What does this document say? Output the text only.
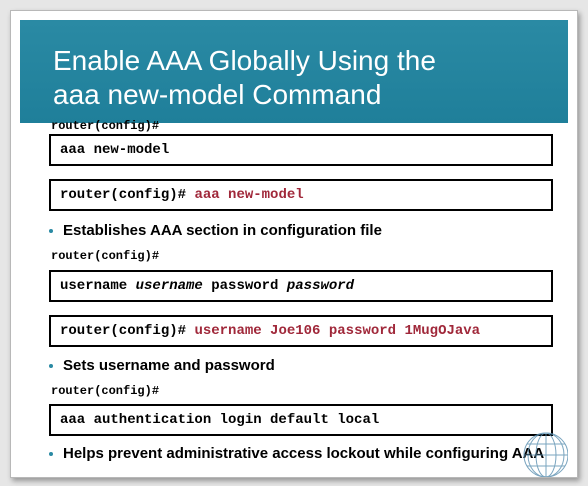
Enable AAA Globally Using the
aaa new-model Command
router(config)#
aaa new-model
router(config)#
aaa new-model
Establishes AAA section in configuration file
router(config)#
username username password password
router(config)#
username Joe106 password 1MugOJava
Sets username and password
router(config)#
aaa authentication login default local
Helps prevent administrative access lockout while configuring AAA
